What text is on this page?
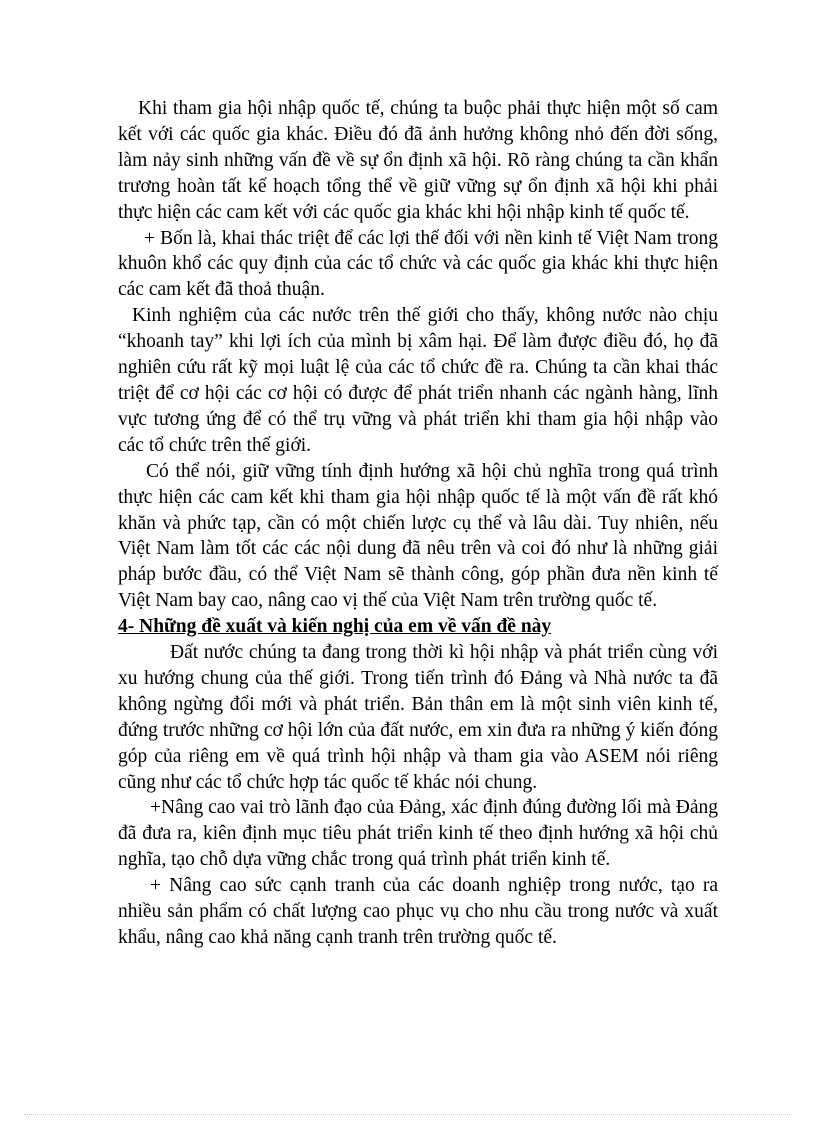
Khi tham gia hội nhập quốc tế, chúng ta buộc phải thực hiện một số cam kết với các quốc gia khác. Điều đó đã ảnh hưởng không nhỏ đến đời sống, làm nảy sinh những vấn đề về sự ổn định xã hội. Rõ ràng chúng ta cần khẩn trương hoàn tất kế hoạch tổng thể về giữ vững sự ổn định xã hội khi phải thực hiện các cam kết với các quốc gia khác khi hội nhập kinh tế quốc tế.

+ Bốn là, khai thác triệt để các lợi thế đối với nền kinh tế Việt Nam trong khuôn khổ các quy định của các tổ chức và các quốc gia khác khi thực hiện các cam kết đã thoả thuận.

Kinh nghiệm của các nước trên thế giới cho thấy, không nước nào chịu “khoanh tay” khi lợi ích của mình bị xâm hại. Để làm được điều đó, họ đã nghiên cứu rất kỹ mọi luật lệ của các tổ chức đề ra. Chúng ta cần khai thác triệt để cơ hội các cơ hội có được để phát triển nhanh các ngành hàng, lĩnh vực tương ứng để có thể trụ vững và phát triển khi tham gia hội nhập vào các tổ chức trên thế giới.

Có thể nói, giữ vững tính định hướng xã hội chủ nghĩa trong quá trình thực hiện các cam kết khi tham gia hội nhập quốc tế là một vấn đề rất khó khăn và phức tạp, cần có một chiến lược cụ thể và lâu dài. Tuy nhiên, nếu Việt Nam làm tốt các các nội dung đã nêu trên và coi đó như là những giải pháp bước đầu, có thể Việt Nam sẽ thành công, góp phần đưa nền kinh tế Việt Nam bay cao, nâng cao vị thế của Việt Nam trên trường quốc tế.

4- Những đề xuất và kiến nghị của em về vấn đề này

Đất nước chúng ta đang trong thời kì hội nhập và phát triển cùng với xu hướng chung của thế giới. Trong tiến trình đó Đảng và Nhà nước ta đã không ngừng đổi mới và phát triển. Bản thân em là một sinh viên kinh tế, đứng trước những cơ hội lớn của đất nước, em xin đưa ra những ý kiến đóng góp của riêng em về quá trình hội nhập và tham gia vào ASEM nói riêng cũng như các tổ chức hợp tác quốc tế khác nói chung.

+Nâng cao vai trò lãnh đạo của Đảng, xác định đúng đường lối mà Đảng đã đưa ra, kiên định mục tiêu phát triển kinh tế theo định hướng xã hội chủ nghĩa, tạo chỗ dựa vững chắc trong quá trình phát triển kinh tế.

+ Nâng cao sức cạnh tranh của các doanh nghiệp trong nước, tạo ra nhiều sản phẩm có chất lượng cao phục vụ cho nhu cầu trong nước và xuất khẩu, nâng cao khả năng cạnh tranh trên trường quốc tế.
